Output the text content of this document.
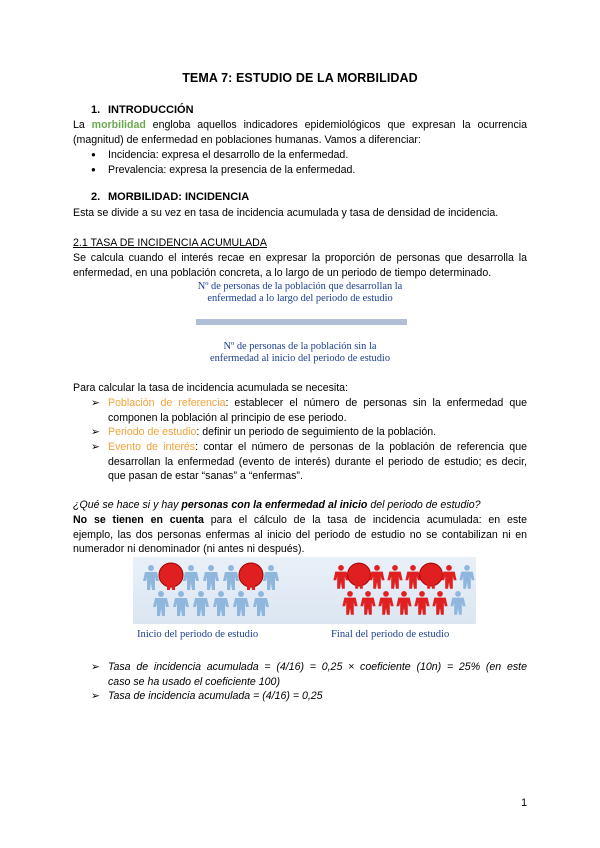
TEMA 7: ESTUDIO DE LA MORBILIDAD
1. INTRODUCCIÓN
La morbilidad engloba aquellos indicadores epidemiológicos que expresan la ocurrencia
(magnitud) de enfermedad en poblaciones humanas. Vamos a diferenciar:
● Incidencia: expresa el desarrollo de la enfermedad.
● Prevalencia: expresa la presencia de la enfermedad.
2. MORBILIDAD: INCIDENCIA
Esta se divide a su vez en tasa de incidencia acumulada y tasa de densidad de incidencia.
2.1 TASA DE INCIDENCIA ACUMULADA
Se calcula cuando el interés recae en expresar la proporción de personas que desarrolla la
enfermedad, en una población concreta, a lo largo de un periodo de tiempo determinado.
Nº de personas de la población que desarrollan la
enfermedad a lo largo del periodo de estudio
Nº de personas de la población sin la
enfermedad al inicio del periodo de estudio
Para calcular la tasa de incidencia acumulada se necesita:
➢ Población de referencia: establecer el número de personas sin la enfermedad que
componen la población al principio de ese periodo.
➢ Periodo de estudio: definir un periodo de seguimiento de la población.
➢ Evento de interés: contar el número de personas de la población de referencia que
desarrollan la enfermedad (evento de interés) durante el periodo de estudio; es decir,
que pasan de estar “sanas” a “enfermas”.
¿Qué se hace si y hay personas con la enfermedad al inicio del periodo de estudio?
No se tienen en cuenta para el cálculo de la tasa de incidencia acumulada: en este
ejemplo, las dos personas enfermas al inicio del periodo de estudio no se contabilizan ni en
numerador ni denominador (ni antes ni después).
Inicio del periodo de estudio	Final del periodo de estudio
➢ Tasa de incidencia acumulada = (4/16) = 0,25 × coeficiente (10n) = 25% (en este
caso se ha usado el coeficiente 100)
➢ Tasa de incidencia acumulada = (4/16) = 0,25
1
